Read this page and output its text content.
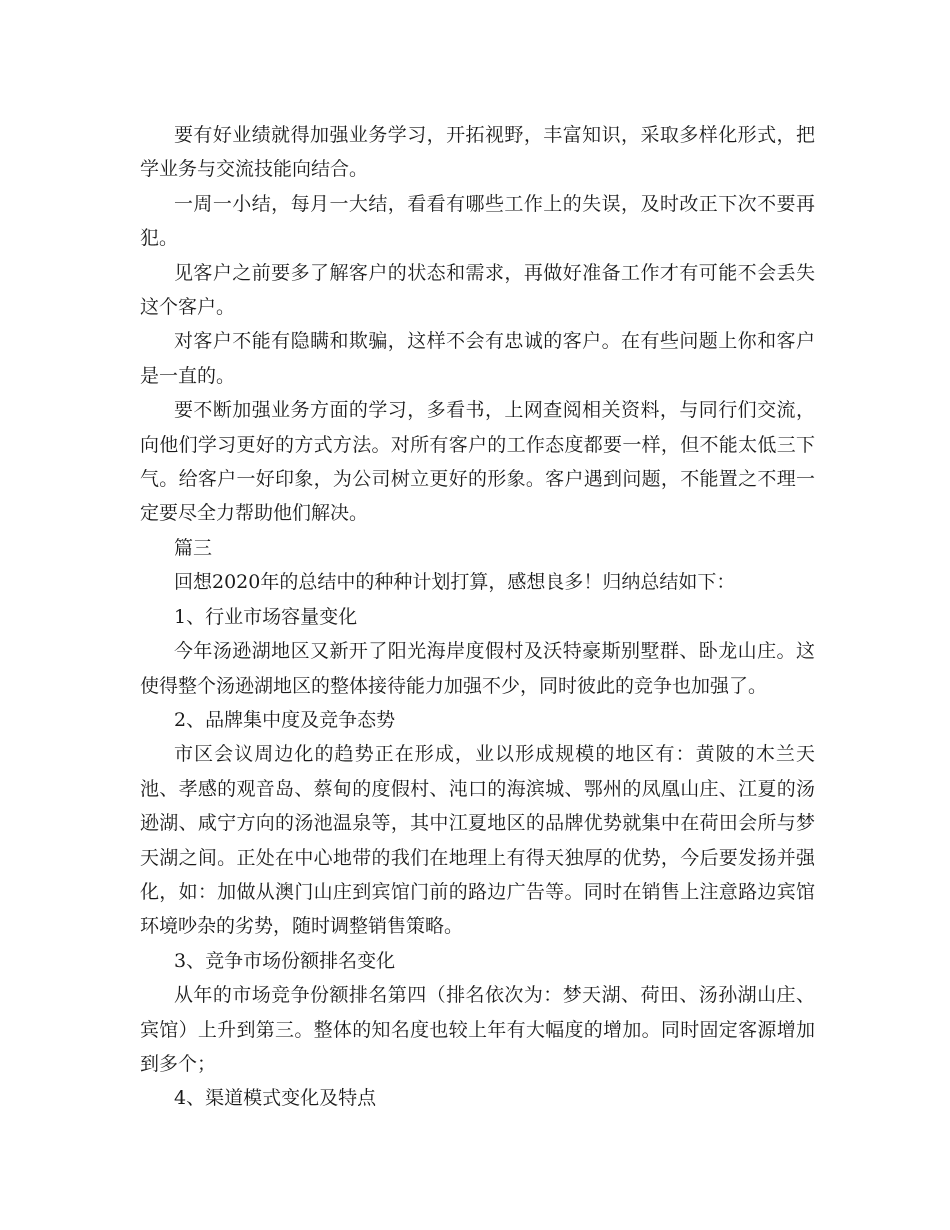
要有好业绩就得加强业务学习，开拓视野，丰富知识，采取多样化形式，把学业务与交流技能向结合。

一周一小结，每月一大结，看看有哪些工作上的失误，及时改正下次不要再犯。

见客户之前要多了解客户的状态和需求，再做好准备工作才有可能不会丢失这个客户。

对客户不能有隐瞒和欺骗，这样不会有忠诚的客户。在有些问题上你和客户是一直的。

要不断加强业务方面的学习，多看书，上网查阅相关资料，与同行们交流，向他们学习更好的方式方法。对所有客户的工作态度都要一样，但不能太低三下气。给客户一好印象，为公司树立更好的形象。客户遇到问题，不能置之不理一定要尽全力帮助他们解决。

篇三

回想2020年的总结中的种种计划打算，感想良多！归纳总结如下：

1、行业市场容量变化

今年汤逊湖地区又新开了阳光海岸度假村及沃特豪斯别墅群、卧龙山庄。这使得整个汤逊湖地区的整体接待能力加强不少，同时彼此的竞争也加强了。

2、品牌集中度及竞争态势

市区会议周边化的趋势正在形成，业以形成规模的地区有：黄陂的木兰天池、孝感的观音岛、蔡甸的度假村、沌口的海滨城、鄂州的凤凰山庄、江夏的汤逊湖、咸宁方向的汤池温泉等，其中江夏地区的品牌优势就集中在荷田会所与梦天湖之间。正处在中心地带的我们在地理上有得天独厚的优势，今后要发扬并强化，如：加做从澳门山庄到宾馆门前的路边广告等。同时在销售上注意路边宾馆环境吵杂的劣势，随时调整销售策略。

3、竞争市场份额排名变化

从年的市场竞争份额排名第四（排名依次为：梦天湖、荷田、汤孙湖山庄、宾馆）上升到第三。整体的知名度也较上年有大幅度的增加。同时固定客源增加到多个；

4、渠道模式变化及特点
